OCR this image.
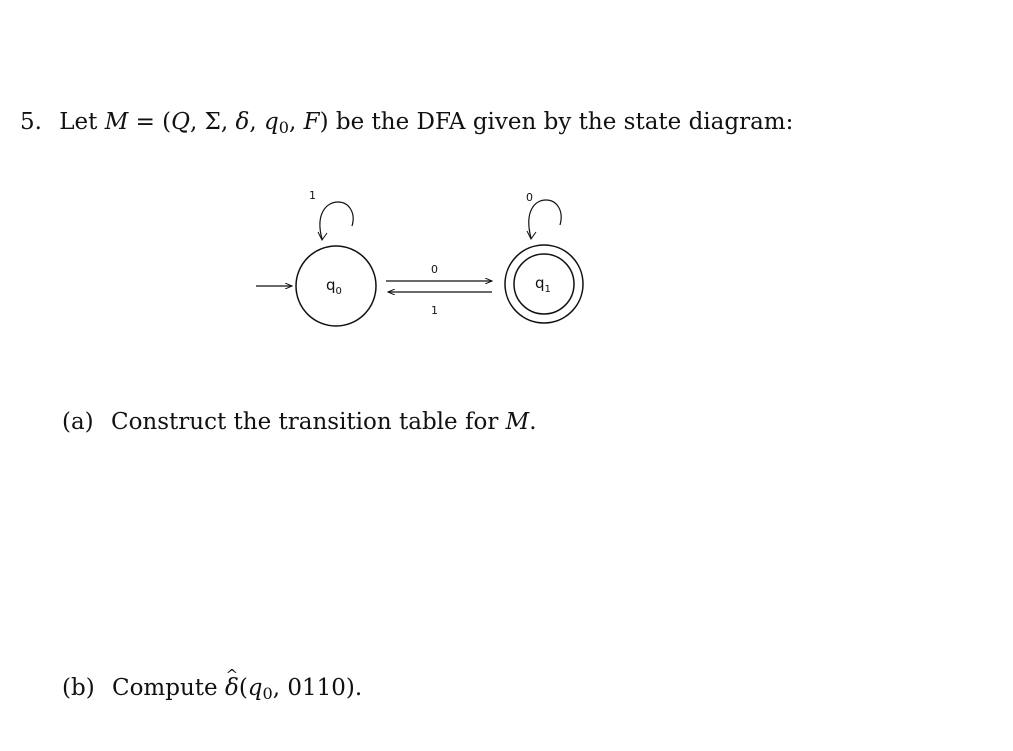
5. Let M = (Q, Σ, δ, $q_0$, F) be the DFA given by the state diagram:
$q_0$
1
0
1
$q_1$
0
(a) Construct the transition table for M.
(b) Compute ^ $\delta(q_0$, 0110).
